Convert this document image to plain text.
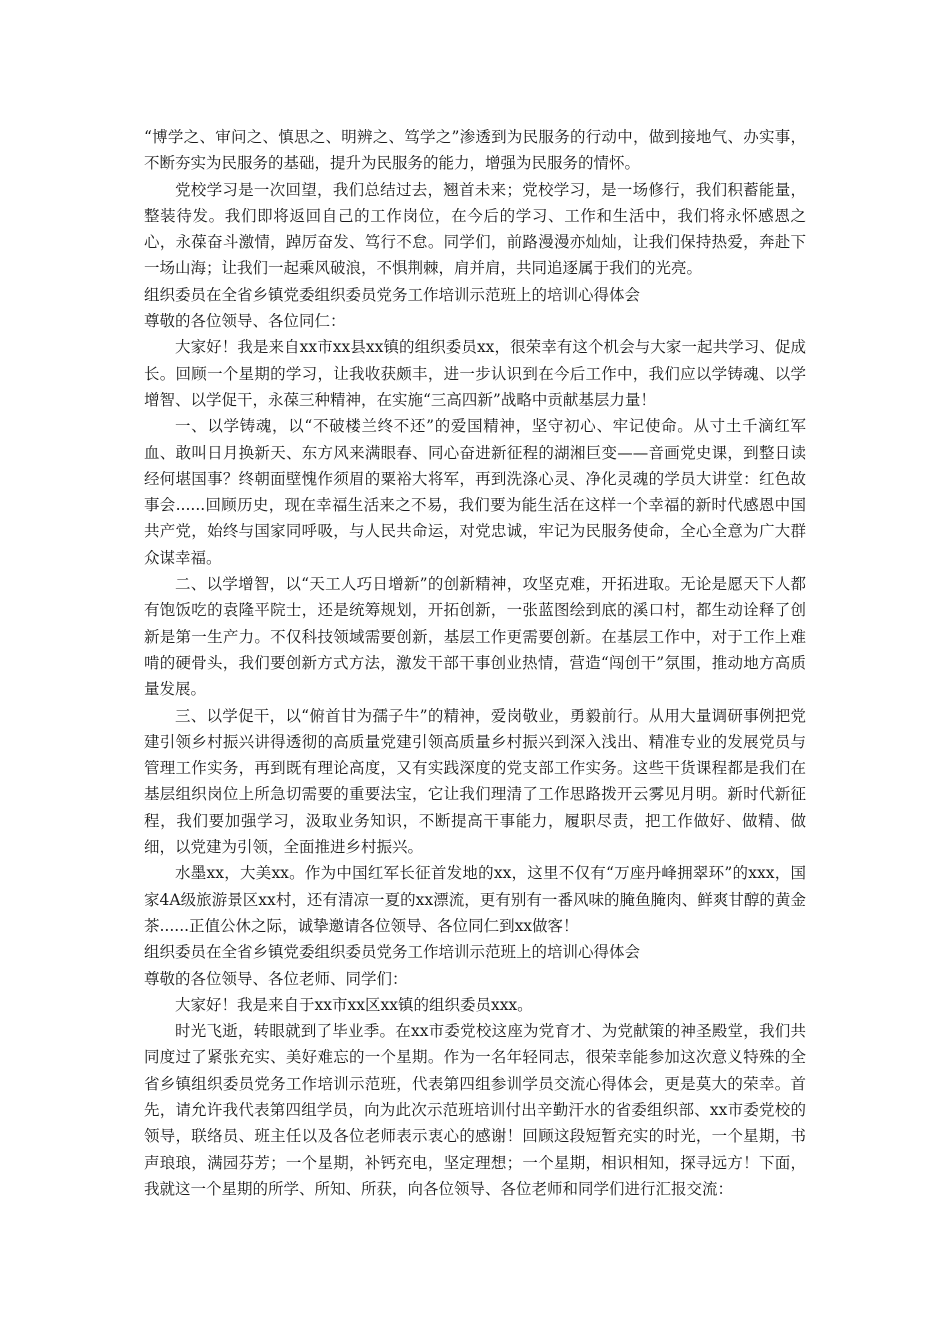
“博学之、审问之、慎思之、明辨之、笃学之”渗透到为民服务的行动中，做到接地气、办实事，不断夯实为民服务的基础，提升为民服务的能力，增强为民服务的情怀。

党校学习是一次回望，我们总结过去，翘首未来；党校学习，是一场修行，我们积蓄能量，整装待发。我们即将返回自己的工作岗位，在今后的学习、工作和生活中，我们将永怀感恩之心，永葆奋斗激情，踔厉奋发、笃行不怠。同学们，前路漫漫亦灿灿，让我们保持热爱，奔赴下一场山海；让我们一起乘风破浪，不惧荆棘，肩并肩，共同追逐属于我们的光亮。

组织委员在全省乡镇党委组织委员党务工作培训示范班上的培训心得体会

尊敬的各位领导、各位同仁：

大家好！我是来自xx市xx县xx镇的组织委员xx，很荣幸有这个机会与大家一起共学习、促成长。回顾一个星期的学习，让我收获颇丰，进一步认识到在今后工作中，我们应以学铸魂、以学增智、以学促干，永葆三种精神，在实施“三高四新”战略中贡献基层力量！

一、以学铸魂，以“不破楼兰终不还”的爱国精神，坚守初心、牢记使命。从寸土千滴红军血、敢叫日月换新天、东方风来满眼春、同心奋进新征程的湖湘巨变——音画党史课，到整日读经何堪国事？终朝面壁愧作须眉的粟裕大将军，再到洗涤心灵、净化灵魂的学员大讲堂：红色故事会......回顾历史，现在幸福生活来之不易，我们要为能生活在这样一个幸福的新时代感恩中国共产党，始终与国家同呼吸，与人民共命运，对党忠诚，牢记为民服务使命，全心全意为广大群众谋幸福。

二、以学增智，以“天工人巧日增新”的创新精神，攻坚克难，开拓进取。无论是愿天下人都有饱饭吃的袁隆平院士，还是统筹规划，开拓创新，一张蓝图绘到底的溪口村，都生动诠释了创新是第一生产力。不仅科技领域需要创新，基层工作更需要创新。在基层工作中，对于工作上难啃的硬骨头，我们要创新方式方法，激发干部干事创业热情，营造“闯创干”氛围，推动地方高质量发展。

三、以学促干，以“俯首甘为孺子牛”的精神，爱岗敬业，勇毅前行。从用大量调研事例把党建引领乡村振兴讲得透彻的高质量党建引领高质量乡村振兴到深入浅出、精准专业的发展党员与管理工作实务，再到既有理论高度，又有实践深度的党支部工作实务。这些干货课程都是我们在基层组织岗位上所急切需要的重要法宝，它让我们理清了工作思路拨开云雾见月明。新时代新征程，我们要加强学习，汲取业务知识，不断提高干事能力，履职尽责，把工作做好、做精、做细，以党建为引领，全面推进乡村振兴。

水墨xx，大美xx。作为中国红军长征首发地的xx，这里不仅有“万座丹峰拥翠环”的xxx，国家4A级旅游景区xx村，还有清凉一夏的xx漂流，更有别有一番风味的腌鱼腌肉、鲜爽甘醇的黄金茶......正值公休之际，诚挚邀请各位领导、各位同仁到xx做客！

组织委员在全省乡镇党委组织委员党务工作培训示范班上的培训心得体会

尊敬的各位领导、各位老师、同学们：

大家好！我是来自于xx市xx区xx镇的组织委员xxx。

时光飞逝，转眼就到了毕业季。在xx市委党校这座为党育才、为党献策的神圣殿堂，我们共同度过了紧张充实、美好难忘的一个星期。作为一名年轻同志，很荣幸能参加这次意义特殊的全省乡镇组织委员党务工作培训示范班，代表第四组参训学员交流心得体会，更是莫大的荣幸。首先，请允许我代表第四组学员，向为此次示范班培训付出辛勤汗水的省委组织部、xx市委党校的领导，联络员、班主任以及各位老师表示衷心的感谢！回顾这段短暂充实的时光，一个星期，书声琅琅，满园芬芳；一个星期，补钙充电，坚定理想；一个星期，相识相知，探寻远方！下面，我就这一个星期的所学、所知、所获，向各位领导、各位老师和同学们进行汇报交流：
